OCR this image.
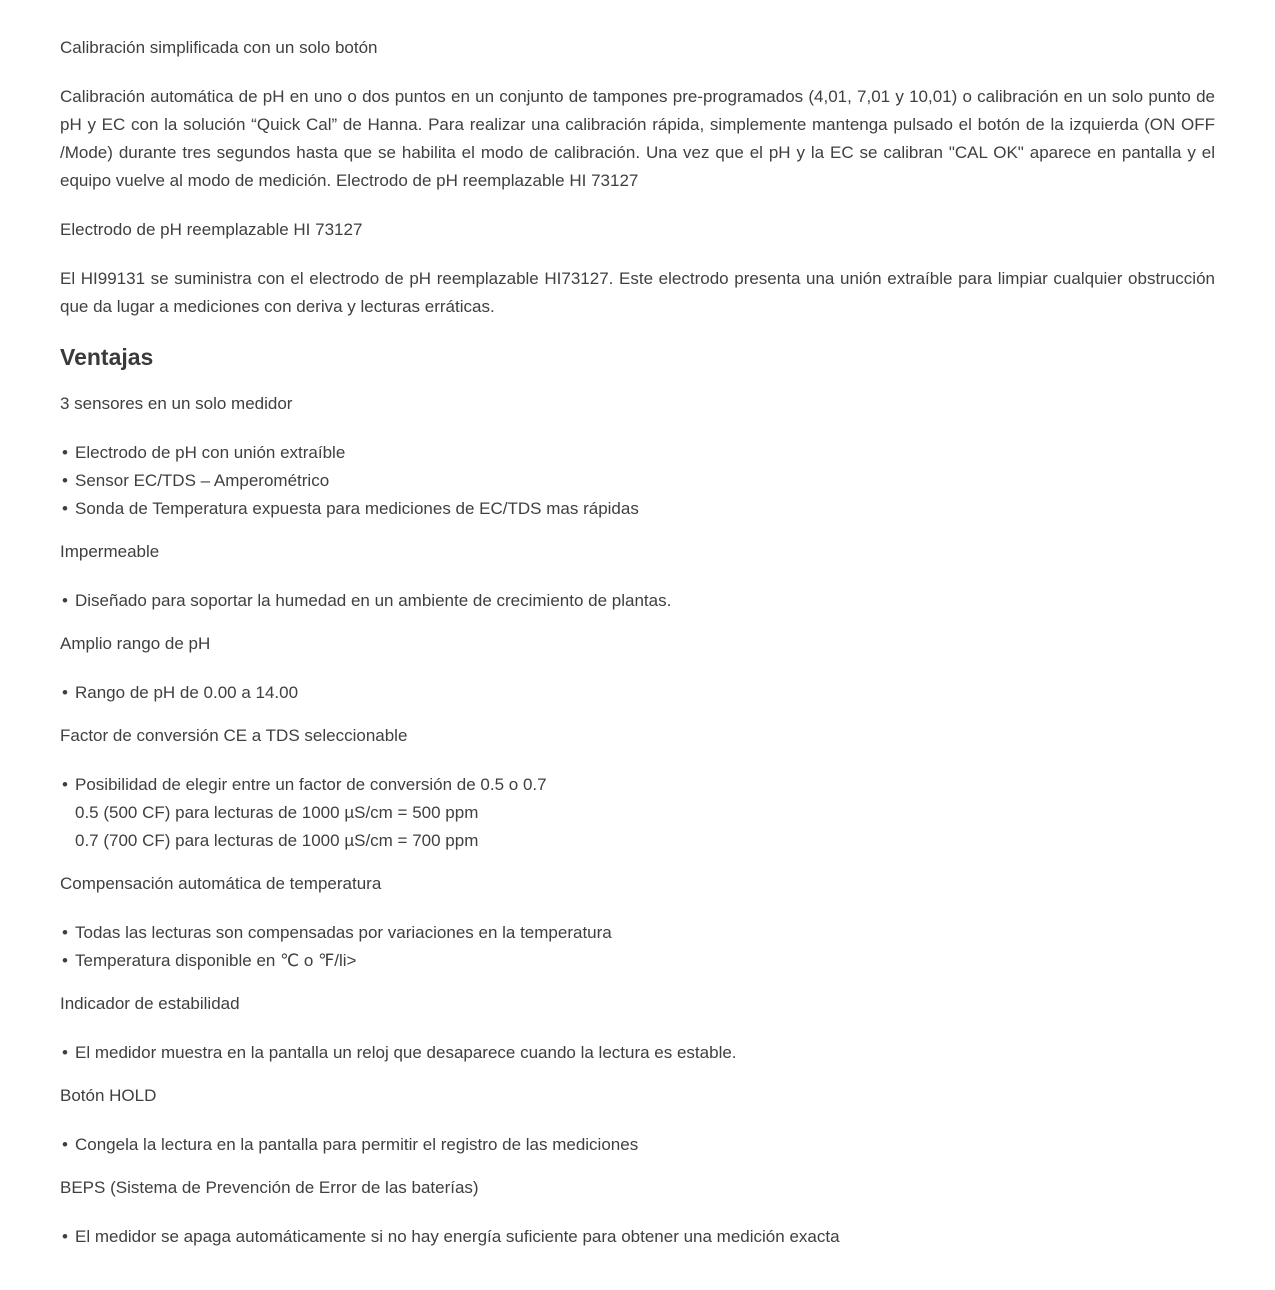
Calibración simplificada con un solo botón

Calibración automática de pH en uno o dos puntos en un conjunto de tampones pre-programados (4,01, 7,01 y 10,01) o calibración en un solo punto de pH y EC con la solución “Quick Cal” de Hanna. Para realizar una calibración rápida, simplemente mantenga pulsado el botón de la izquierda (ON OFF /Mode) durante tres segundos hasta que se habilita el modo de calibración. Una vez que el pH y la EC se calibran "CAL OK" aparece en pantalla y el equipo vuelve al modo de medición. Electrodo de pH reemplazable HI 73127

Electrodo de pH reemplazable HI 73127

El HI99131 se suministra con el electrodo de pH reemplazable HI73127. Este electrodo presenta una unión extraíble para limpiar cualquier obstrucción que da lugar a mediciones con deriva y lecturas erráticas.

Ventajas

3 sensores en un solo medidor

• Electrodo de pH con unión extraíble
• Sensor EC/TDS – Amperométrico
• Sonda de Temperatura expuesta para mediciones de EC/TDS mas rápidas

Impermeable

• Diseñado para soportar la humedad en un ambiente de crecimiento de plantas.

Amplio rango de pH

• Rango de pH de 0.00 a 14.00

Factor de conversión CE a TDS seleccionable

• Posibilidad de elegir entre un factor de conversión de 0.5 o 0.7
0.5 (500 CF) para lecturas de 1000 µS/cm = 500 ppm
0.7 (700 CF) para lecturas de 1000 µS/cm = 700 ppm

Compensación automática de temperatura

• Todas las lecturas son compensadas por variaciones en la temperatura
• Temperatura disponible en ℃ o ℉/li>

Indicador de estabilidad

• El medidor muestra en la pantalla un reloj que desaparece cuando la lectura es estable.

Botón HOLD

• Congela la lectura en la pantalla para permitir el registro de las mediciones

BEPS (Sistema de Prevención de Error de las baterías)

• El medidor se apaga automáticamente si no hay energía suficiente para obtener una medición exacta
